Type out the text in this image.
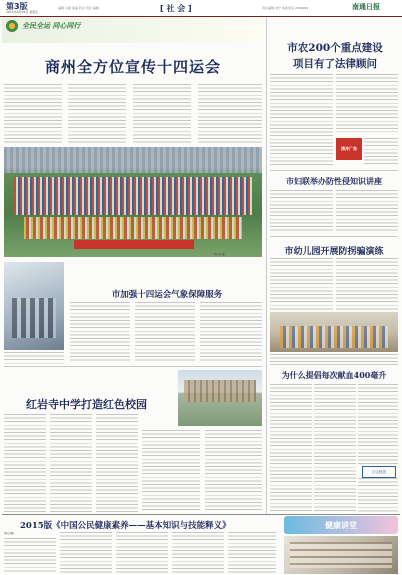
第3版
2015年8月28日 星期五
编辑 吕敏 美编 校对 责任 编辑	[ 社 会 ]	责任编辑 刘宁 本版电话 2998099	南通日报
全民全运 同心同行
商州全方位宣传十四运会
(陈 毅 摄)
市加强十四运会气象保障服务
红岩寺中学打造红色校园
市农200个重点建设
项目有了法律顾问
清冷广角
市妇联举办防性侵知识讲座
市幼儿园开展防拐骗演练
为什么提倡每次献血400毫升
百宝秘笈
2015版《中国公民健康素养——基本知识与技能释义》
(续上期)
健康讲堂
